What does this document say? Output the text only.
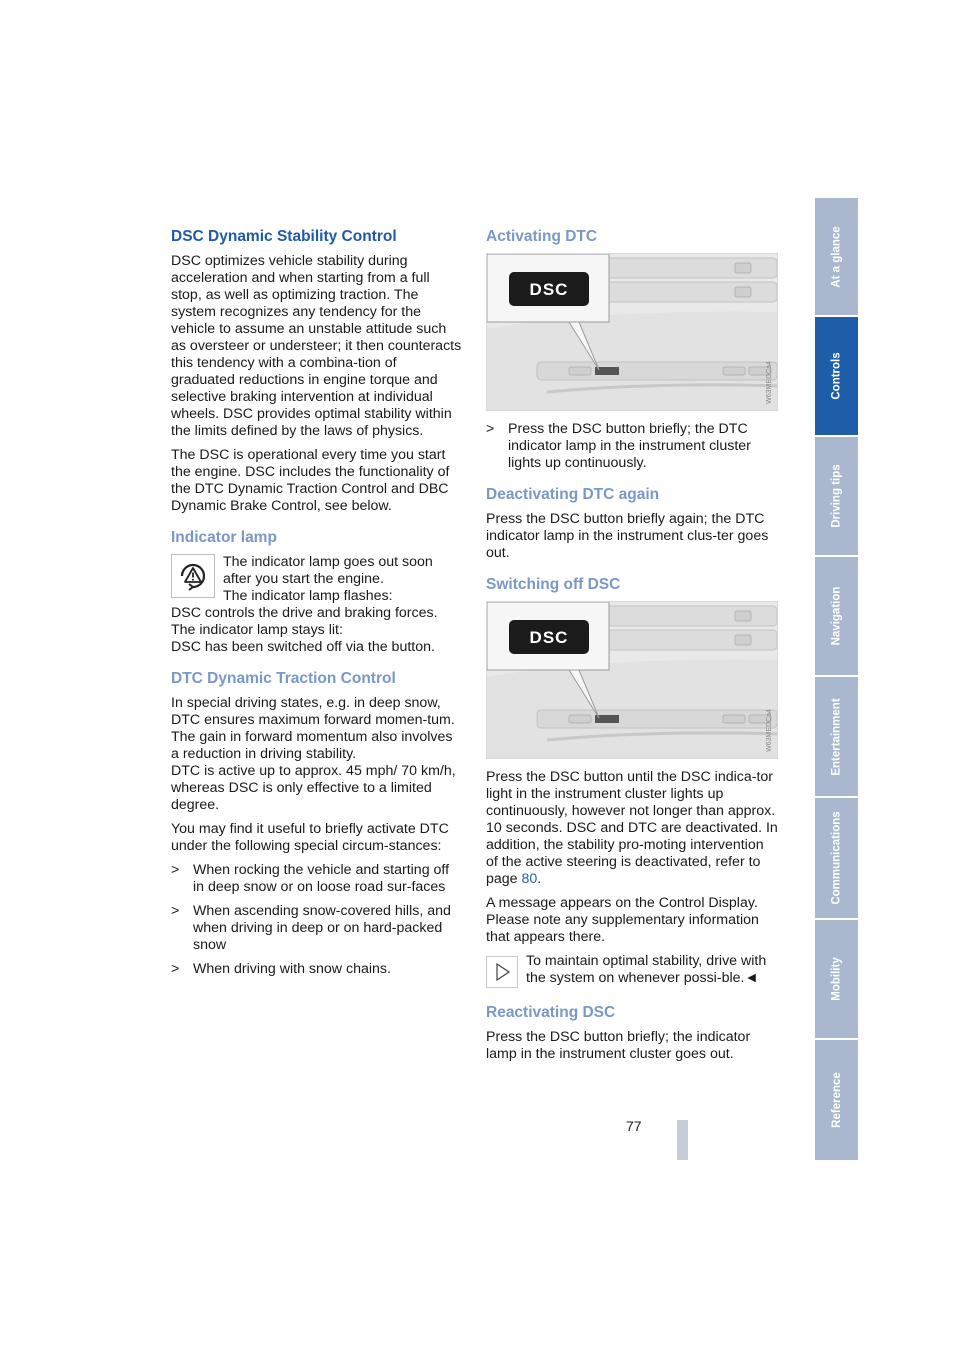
DSC Dynamic Stability Control

DSC optimizes vehicle stability during acceleration and when starting from a full stop, as well as optimizing traction. The system recognizes any tendency for the vehicle to assume an unstable attitude such as oversteer or understeer; it then counteracts this tendency with a combina-tion of graduated reductions in engine torque and selective braking intervention at individual wheels. DSC provides optimal stability within the limits defined by the laws of physics.

The DSC is operational every time you start the engine. DSC includes the functionality of the DTC Dynamic Traction Control and DBC Dynamic Brake Control, see below.

Indicator lamp
The indicator lamp goes out soon after you start the engine.
The indicator lamp flashes:
DSC controls the drive and braking forces.
The indicator lamp stays lit:
DSC has been switched off via the button.
DTC Dynamic Traction Control

In special driving states, e.g. in deep snow, DTC ensures maximum forward momen-tum. The gain in forward momentum also involves a reduction in driving stability.

DTC is active up to approx. 45 mph/ 70 km/h, whereas DSC is only effective to a limited degree.

You may find it useful to briefly activate DTC under the following special circum-stances:

> When rocking the vehicle and starting off in deep snow or on loose road sur-faces
> When ascending snow-covered hills, and when driving in deep or on hard-packed snow
> When driving with snow chains.
Activating DTC
DSC
W63MEDCa4
> Press the DSC button briefly; the DTC indicator lamp in the instrument cluster lights up continuously.
Deactivating DTC again

Press the DSC button briefly again; the DTC indicator lamp in the instrument clus-ter goes out.

Switching off DSC
DSC
W63MEDCa4

Press the DSC button until the DSC indica-tor light in the instrument cluster lights up continuously, however not longer than approx. 10 seconds. DSC and DTC are deactivated. In addition, the stability pro-moting intervention of the active steering is deactivated, refer to page 80.

A message appears on the Control Display. Please note any supplementary information that appears there.

To maintain optimal stability, drive with the system on whenever possi-ble.◄
Reactivating DSC

Press the DSC button briefly; the indicator lamp in the instrument cluster goes out.

77
At a glance
Controls
Driving tips
Navigation
Entertainment
Communications
Mobility
Reference
